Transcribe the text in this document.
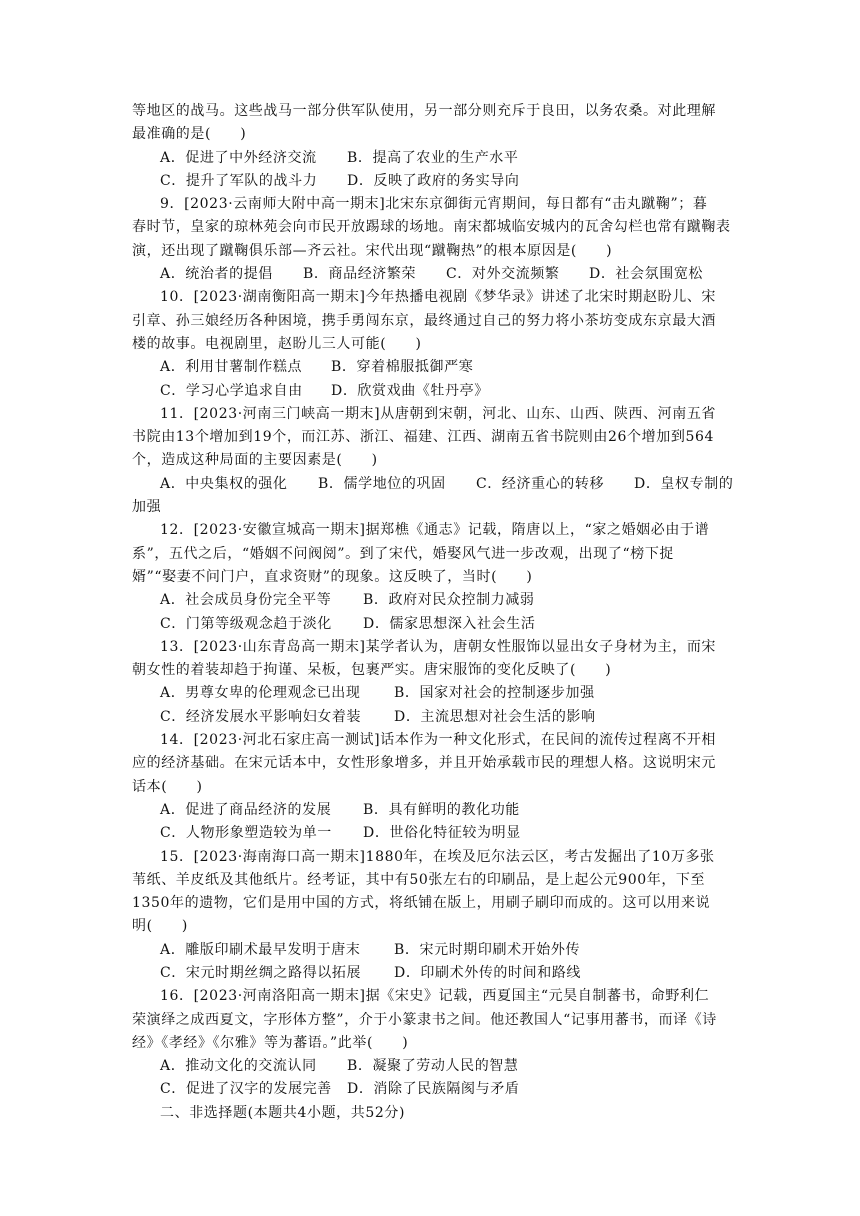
等地区的战马。这些战马一部分供军队使用，另一部分则充斥于良田，以务农桑。对此理解
最准确的是(　　)
A．促进了中外经济交流 B．提高了农业的生产水平
C．提升了军队的战斗力 D．反映了政府的务实导向
9．[2023·云南师大附中高一期末]北宋东京御街元宵期间，每日都有“击丸蹴鞠”；暮
春时节，皇家的琼林苑会向市民开放踢球的场地。南宋都城临安城内的瓦舍勾栏也常有蹴鞠表
演，还出现了蹴鞠俱乐部—齐云社。宋代出现“蹴鞠热”的根本原因是(　　)
A．统治者的提倡 B．商品经济繁荣 C．对外交流频繁 D．社会氛围宽松
10．[2023·湖南衡阳高一期末]今年热播电视剧《梦华录》讲述了北宋时期赵盼儿、宋
引章、孙三娘经历各种困境，携手勇闯东京，最终通过自己的努力将小茶坊变成东京最大酒
楼的故事。电视剧里，赵盼儿三人可能(　　)
A．利用甘薯制作糕点 B．穿着棉服抵御严寒
C．学习心学追求自由 D．欣赏戏曲《牡丹亭》
11．[2023·河南三门峡高一期末]从唐朝到宋朝，河北、山东、山西、陕西、河南五省
书院由13个增加到19个，而江苏、浙江、福建、江西、湖南五省书院则由26个增加到564
个，造成这种局面的主要因素是(　　)
A．中央集权的强化 B．儒学地位的巩固 C．经济重心的转移 D．皇权专制的
加强
12．[2023·安徽宣城高一期末]据郑樵《通志》记载，隋唐以上，“家之婚姻必由于谱
系”，五代之后，“婚姻不问阀阅”。到了宋代，婚娶风气进一步改观，出现了“榜下捉
婿”“娶妻不问门户，直求资财”的现象。这反映了，当时(　　)
A．社会成员身份完全平等 B．政府对民众控制力减弱
C．门第等级观念趋于淡化 D．儒家思想深入社会生活
13．[2023·山东青岛高一期末]某学者认为，唐朝女性服饰以显出女子身材为主，而宋
朝女性的着装却趋于拘谨、呆板，包裹严实。唐宋服饰的变化反映了(　　)
A．男尊女卑的伦理观念已出现 B．国家对社会的控制逐步加强
C．经济发展水平影响妇女着装 D．主流思想对社会生活的影响
14．[2023·河北石家庄高一测试]话本作为一种文化形式，在民间的流传过程离不开相
应的经济基础。在宋元话本中，女性形象增多，并且开始承载市民的理想人格。这说明宋元
话本(　　)
A．促进了商品经济的发展 B．具有鲜明的教化功能
C．人物形象塑造较为单一 D．世俗化特征较为明显
15．[2023·海南海口高一期末]1880年，在埃及厄尔法云区，考古发掘出了10万多张
苇纸、羊皮纸及其他纸片。经考证，其中有50张左右的印刷品，是上起公元900年，下至
1350年的遗物，它们是用中国的方式，将纸铺在版上，用刷子刷印而成的。这可以用来说
明(　　)
A．雕版印刷术最早发明于唐末 B．宋元时期印刷术开始外传
C．宋元时期丝绸之路得以拓展 D．印刷术外传的时间和路线
16．[2023·河南洛阳高一期末]据《宋史》记载，西夏国主“元昊自制蕃书，命野利仁
荣演绎之成西夏文，字形体方整”，介于小篆隶书之间。他还教国人“记事用蕃书，而译《诗
经》《孝经》《尔雅》等为蕃语。”此举(　　)
A．推动文化的交流认同 B．凝聚了劳动人民的智慧
C．促进了汉字的发展完善 D．消除了民族隔阂与矛盾
二、非选择题(本题共4小题，共52分)
